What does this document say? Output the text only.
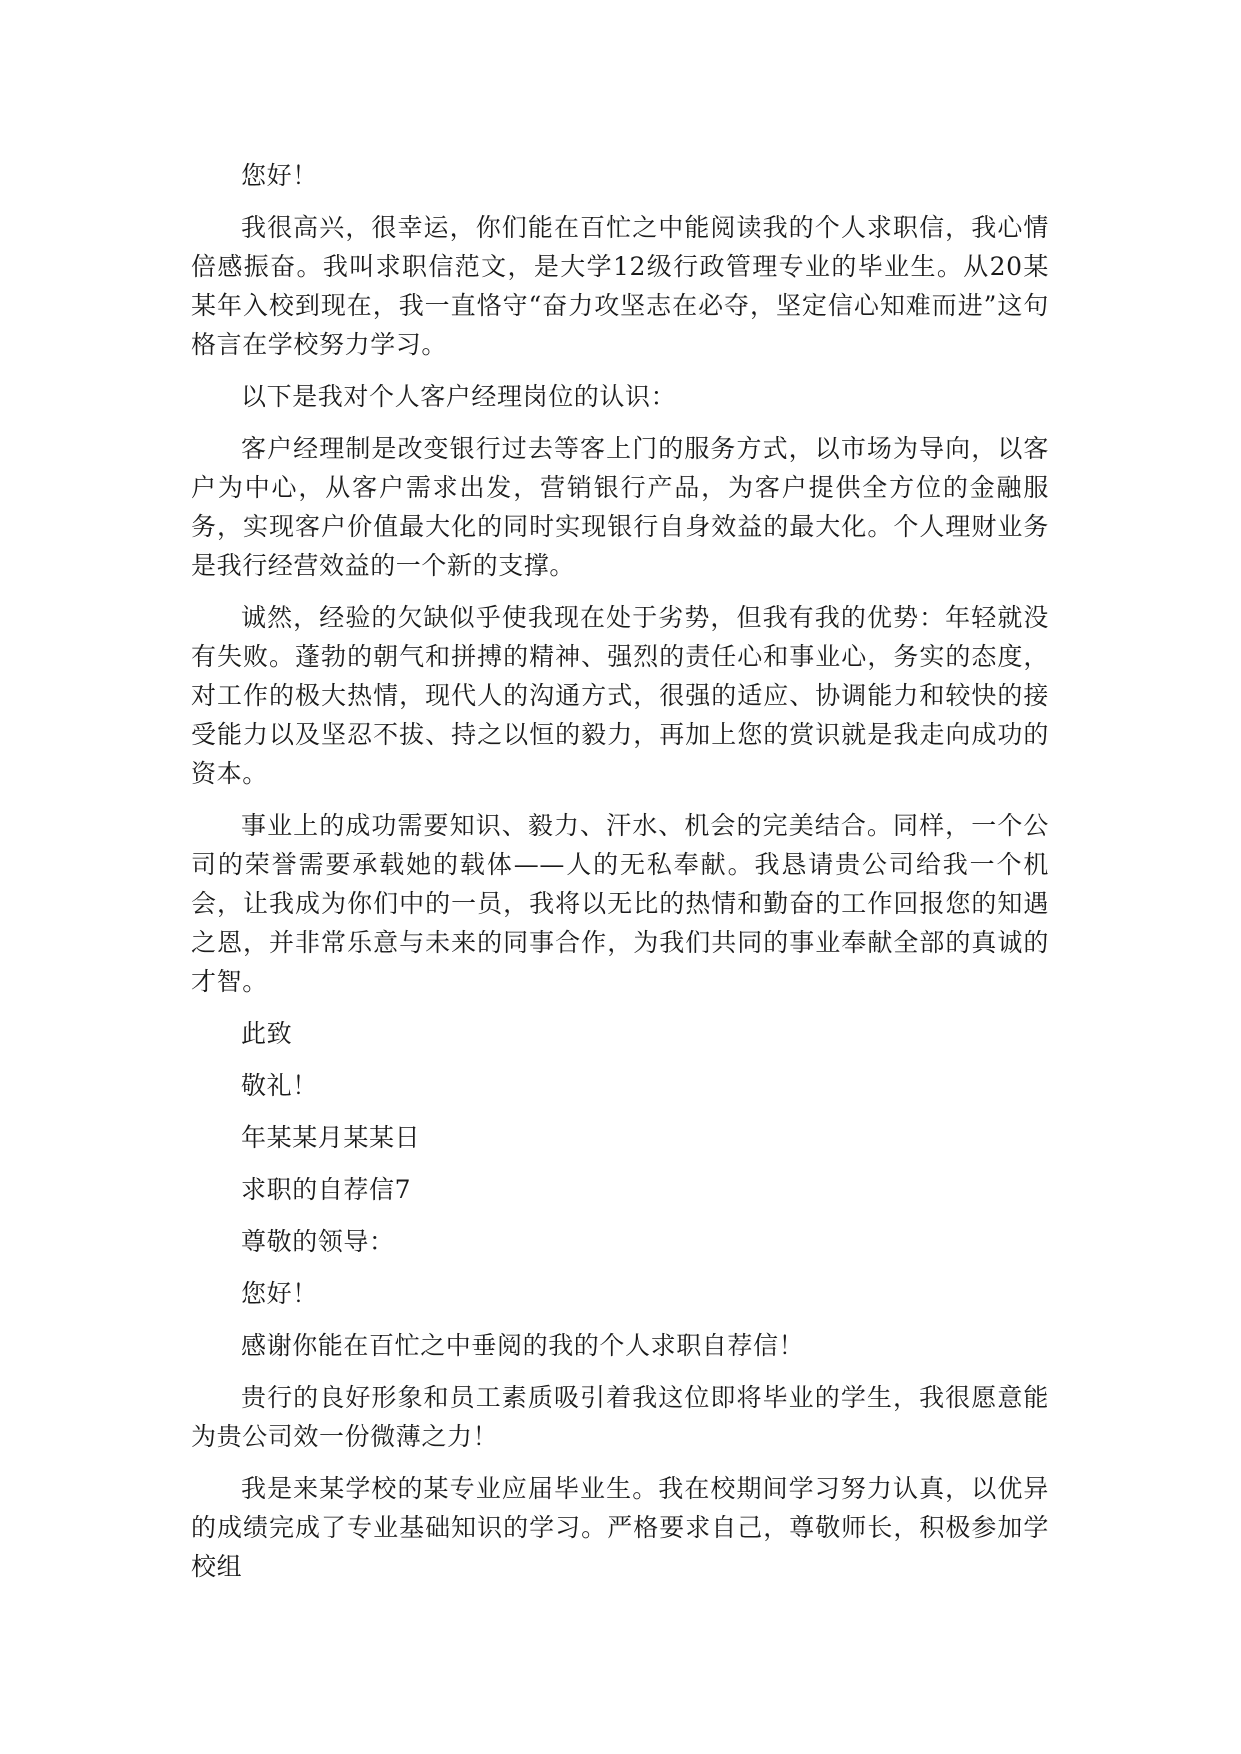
您好！

我很高兴，很幸运，你们能在百忙之中能阅读我的个人求职信，我心情倍感振奋。我叫求职信范文，是大学12级行政管理专业的毕业生。从20某某年入校到现在，我一直恪守“奋力攻坚志在必夺，坚定信心知难而进”这句格言在学校努力学习。

以下是我对个人客户经理岗位的认识：

客户经理制是改变银行过去等客上门的服务方式，以市场为导向，以客户为中心，从客户需求出发，营销银行产品，为客户提供全方位的金融服务，实现客户价值最大化的同时实现银行自身效益的最大化。个人理财业务是我行经营效益的一个新的支撑。

诚然，经验的欠缺似乎使我现在处于劣势，但我有我的优势：年轻就没有失败。蓬勃的朝气和拼搏的精神、强烈的责任心和事业心，务实的态度，对工作的极大热情，现代人的沟通方式，很强的适应、协调能力和较快的接受能力以及坚忍不拔、持之以恒的毅力，再加上您的赏识就是我走向成功的资本。

事业上的成功需要知识、毅力、汗水、机会的完美结合。同样，一个公司的荣誉需要承载她的载体——人的无私奉献。我恳请贵公司给我一个机会，让我成为你们中的一员，我将以无比的热情和勤奋的工作回报您的知遇之恩，并非常乐意与未来的同事合作，为我们共同的事业奉献全部的真诚的才智。

此致

敬礼！

年某某月某某日

求职的自荐信7

尊敬的领导：

您好！

感谢你能在百忙之中垂阅的我的个人求职自荐信！

贵行的良好形象和员工素质吸引着我这位即将毕业的学生，我很愿意能为贵公司效一份微薄之力！

我是来某学校的某专业应届毕业生。我在校期间学习努力认真，以优异的成绩完成了专业基础知识的学习。严格要求自己，尊敬师长，积极参加学校组
